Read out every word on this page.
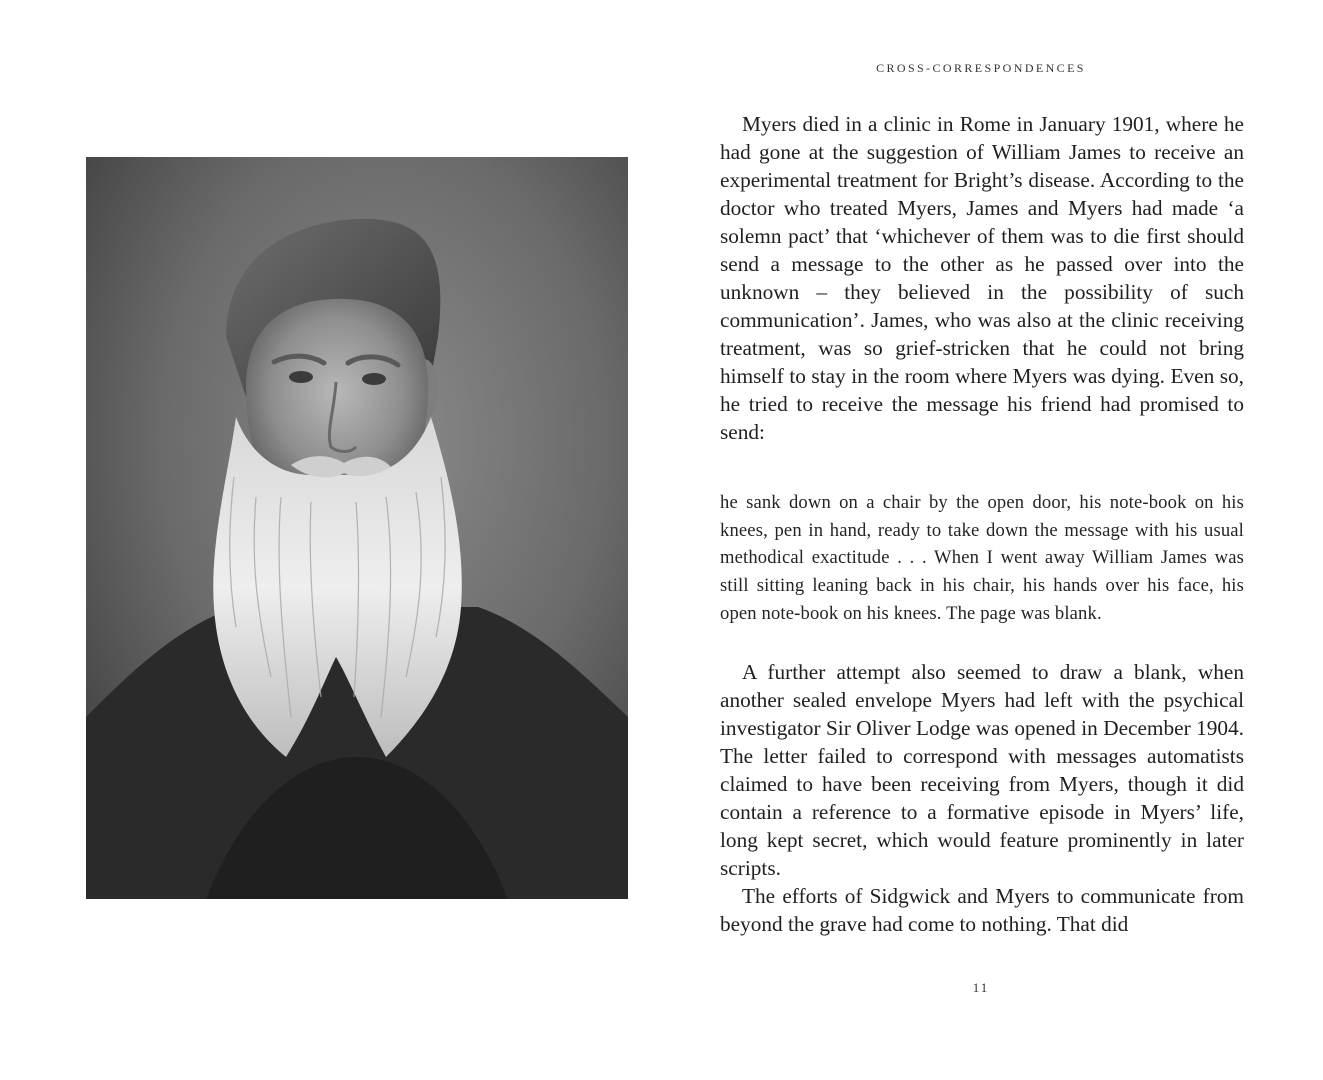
CROSS-CORRESPONDENCES

Myers died in a clinic in Rome in January 1901, where he had gone at the suggestion of William James to receive an experimental treatment for Bright’s disease. According to the doctor who treated Myers, James and Myers had made ‘a solemn pact’ that ‘whichever of them was to die first should send a message to the other as he passed over into the unknown – they believed in the possibility of such communication’. James, who was also at the clinic receiving treatment, was so grief-stricken that he could not bring himself to stay in the room where Myers was dying. Even so, he tried to receive the message his friend had promised to send:

he sank down on a chair by the open door, his note-book on his knees, pen in hand, ready to take down the message with his usual methodical exactitude . . . When I went away William James was still sitting leaning back in his chair, his hands over his face, his open note-book on his knees. The page was blank.

A further attempt also seemed to draw a blank, when another sealed envelope Myers had left with the psychical investigator Sir Oliver Lodge was opened in December 1904. The letter failed to correspond with messages automatists claimed to have been receiving from Myers, though it did contain a reference to a formative episode in Myers’ life, long kept secret, which would feature prominently in later scripts.

The efforts of Sidgwick and Myers to communicate from beyond the grave had come to nothing. That did

11
